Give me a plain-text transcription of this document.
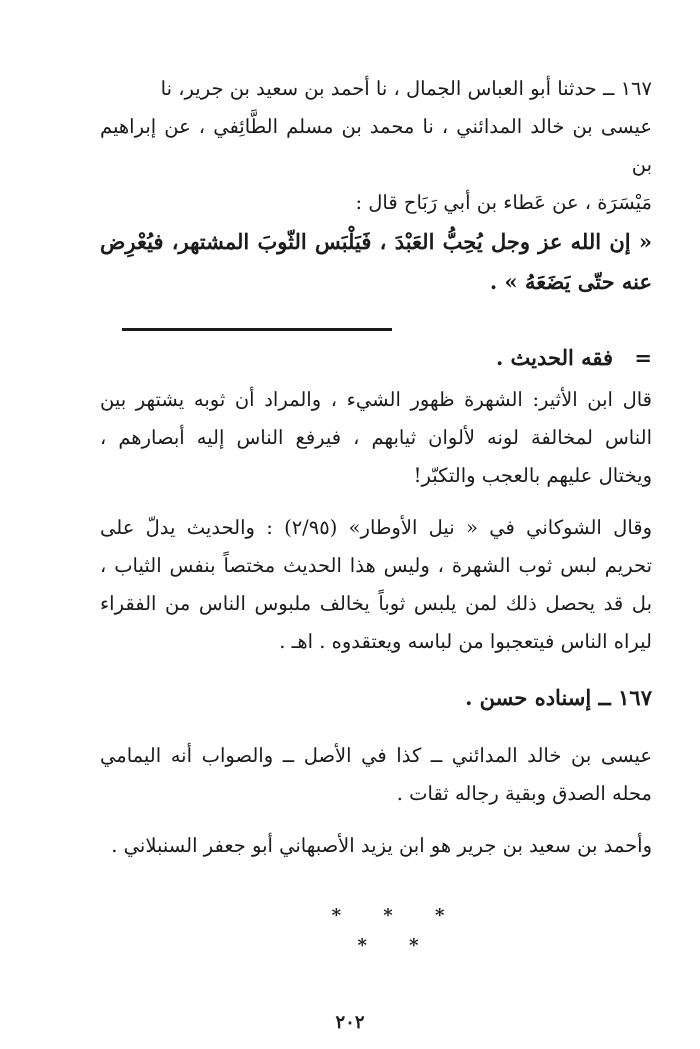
١٦٧ ــ حدثنا أبو العباس الجمال ، نا أحمد بن سعيد بن جرير، نا
عيسى بن خالد المدائني ، نا محمد بن مسلم الطَّائِفي ، عن إبراهيم بن
مَيْسَرَة ، عن عَطاء بن أبي رَبَاح قال :

« إن الله عز وجل يُحِبُّ العَبْدَ ، فَيَلْبَس الثّوبَ المشتهر، فيُعْرِض عنه حتّى يَضَعَهُ » .

= فقه الحديث .

قال ابن الأثير: الشهرة ظهور الشيء ، والمراد أن ثوبه يشتهر بين الناس لمخالفة لونه لألوان ثيابهم ، فيرفع الناس إليه أبصارهم ، ويختال عليهم بالعجب والتكبّر!

وقال الشوكاني في « نيل الأوطار» (٢/٩٥) : والحديث يدلّ على تحريم لبس ثوب الشهرة ، وليس هذا الحديث مختصاً بنفس الثياب ، بل قد يحصل ذلك لمن يلبس ثوباً يخالف ملبوس الناس من الفقراء ليراه الناس فيتعجبوا من لباسه ويعتقدوه . اهـ .

١٦٧ ــ إسناده حسن .

عيسى بن خالد المدائني ــ كذا في الأصل ــ والصواب أنه اليمامي محله الصدق وبقية رجاله ثقات .

وأحمد بن سعيد بن جرير هو ابن يزيد الأصبهاني أبو جعفر السنبلاني .

* * *
* *
٢٠٢
